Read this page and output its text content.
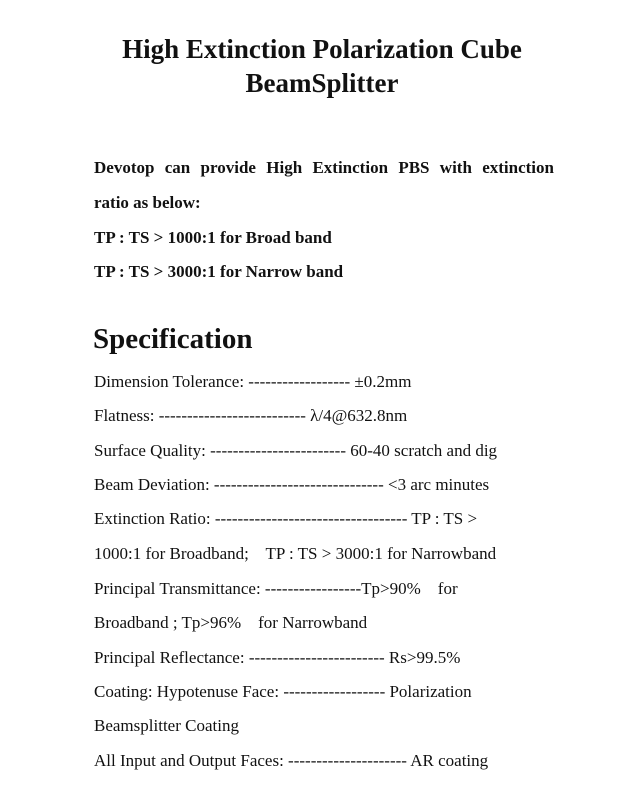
High Extinction Polarization Cube
BeamSplitter

Devotop can provide High Extinction PBS with extinction

ratio as below:

TP : TS > 1000:1 for Broad band

TP : TS > 3000:1 for Narrow band

Specification

Dimension Tolerance: ------------------ ±0.2mm

Flatness: -------------------------- λ/4@632.8nm

Surface Quality: ------------------------ 60-40 scratch and dig

Beam Deviation: ------------------------------ <3 arc minutes

Extinction Ratio: ---------------------------------- TP : TS >

1000:1 for Broadband;    TP : TS > 3000:1 for Narrowband

Principal Transmittance: -----------------Tp>90%    for

Broadband ; Tp>96%    for Narrowband

Principal Reflectance: ------------------------ Rs>99.5%

Coating: Hypotenuse Face: ------------------ Polarization

Beamsplitter Coating

All Input and Output Faces: --------------------- AR coating
